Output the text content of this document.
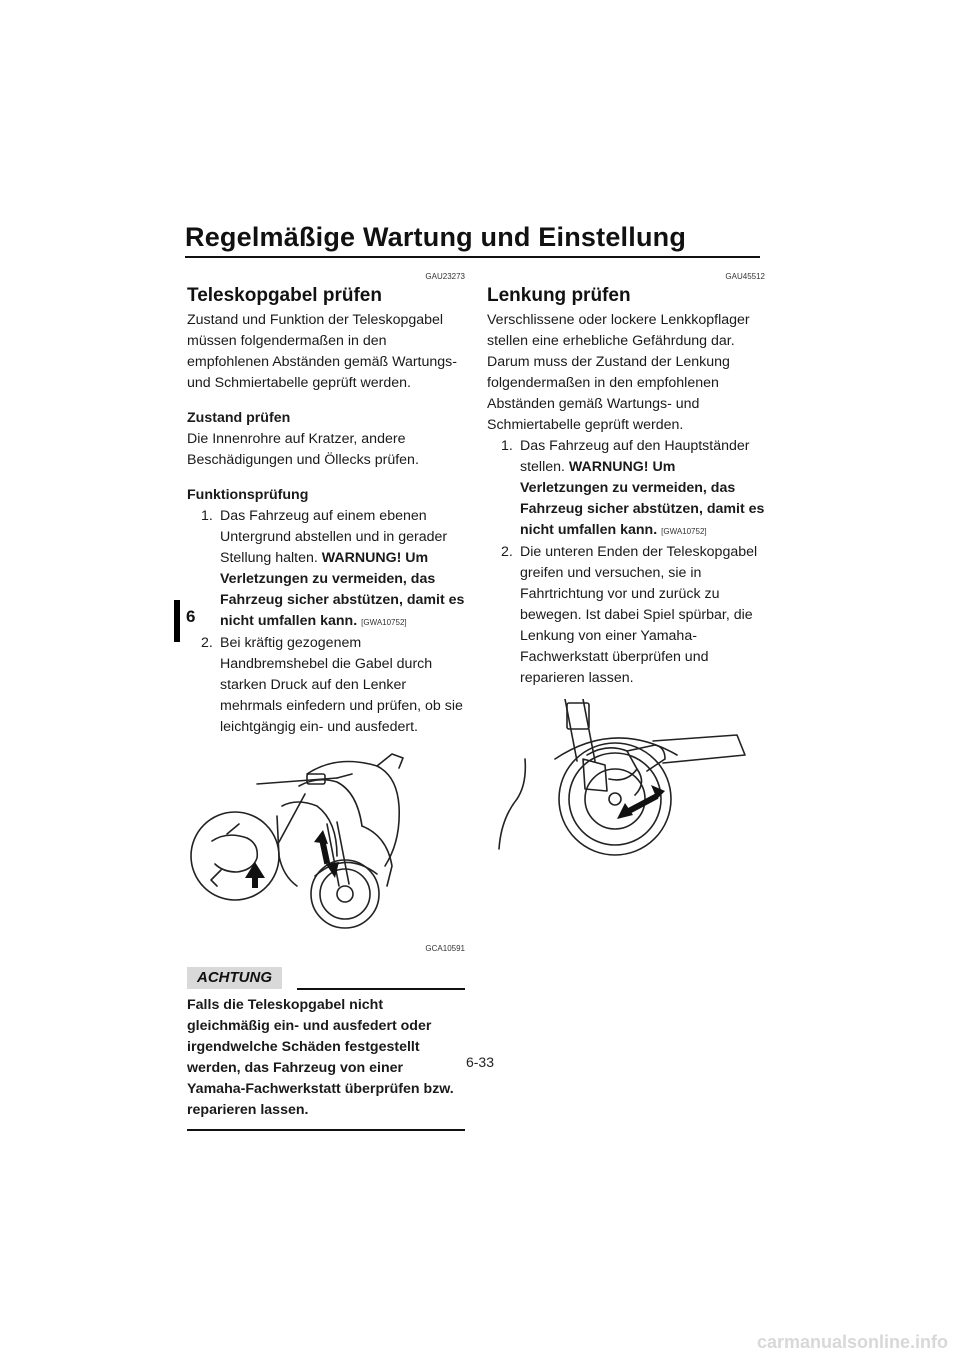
Regelmäßige Wartung und Einstellung
6
GAU23273
Teleskopgabel prüfen

Zustand und Funktion der Teleskopgabel müssen folgendermaßen in den empfohlenen Abständen gemäß Wartungs- und Schmiertabelle geprüft werden.

Zustand prüfen

Die Innenrohre auf Kratzer, andere Beschädigungen und Öllecks prüfen.

Funktionsprüfung
1. Das Fahrzeug auf einem ebenen Untergrund abstellen und in gerader Stellung halten. WARNUNG! Um Verletzungen zu vermeiden, das Fahrzeug sicher abstützen, damit es nicht umfallen kann. [GWA10752]
2. Bei kräftig gezogenem Handbremshebel die Gabel durch starken Druck auf den Lenker mehrmals einfedern und prüfen, ob sie leichtgängig ein- und ausfedert.
GCA10591
ACHTUNG
Falls die Teleskopgabel nicht gleichmäßig ein- und ausfedert oder irgendwelche Schäden festgestellt werden, das Fahrzeug von einer Yamaha-Fachwerkstatt überprüfen bzw. reparieren lassen.
GAU45512
Lenkung prüfen

Verschlissene oder lockere Lenkkopflager stellen eine erhebliche Gefährdung dar. Darum muss der Zustand der Lenkung folgendermaßen in den empfohlenen Abständen gemäß Wartungs- und Schmiertabelle geprüft werden.

1. Das Fahrzeug auf den Hauptständer stellen. WARNUNG! Um Verletzungen zu vermeiden, das Fahrzeug sicher abstützen, damit es nicht umfallen kann. [GWA10752]
2. Die unteren Enden der Teleskopgabel greifen und versuchen, sie in Fahrtrichtung vor und zurück zu bewegen. Ist dabei Spiel spürbar, die Lenkung von einer Yamaha-Fachwerkstatt überprüfen und reparieren lassen.
6-33
carmanualsonline.info
